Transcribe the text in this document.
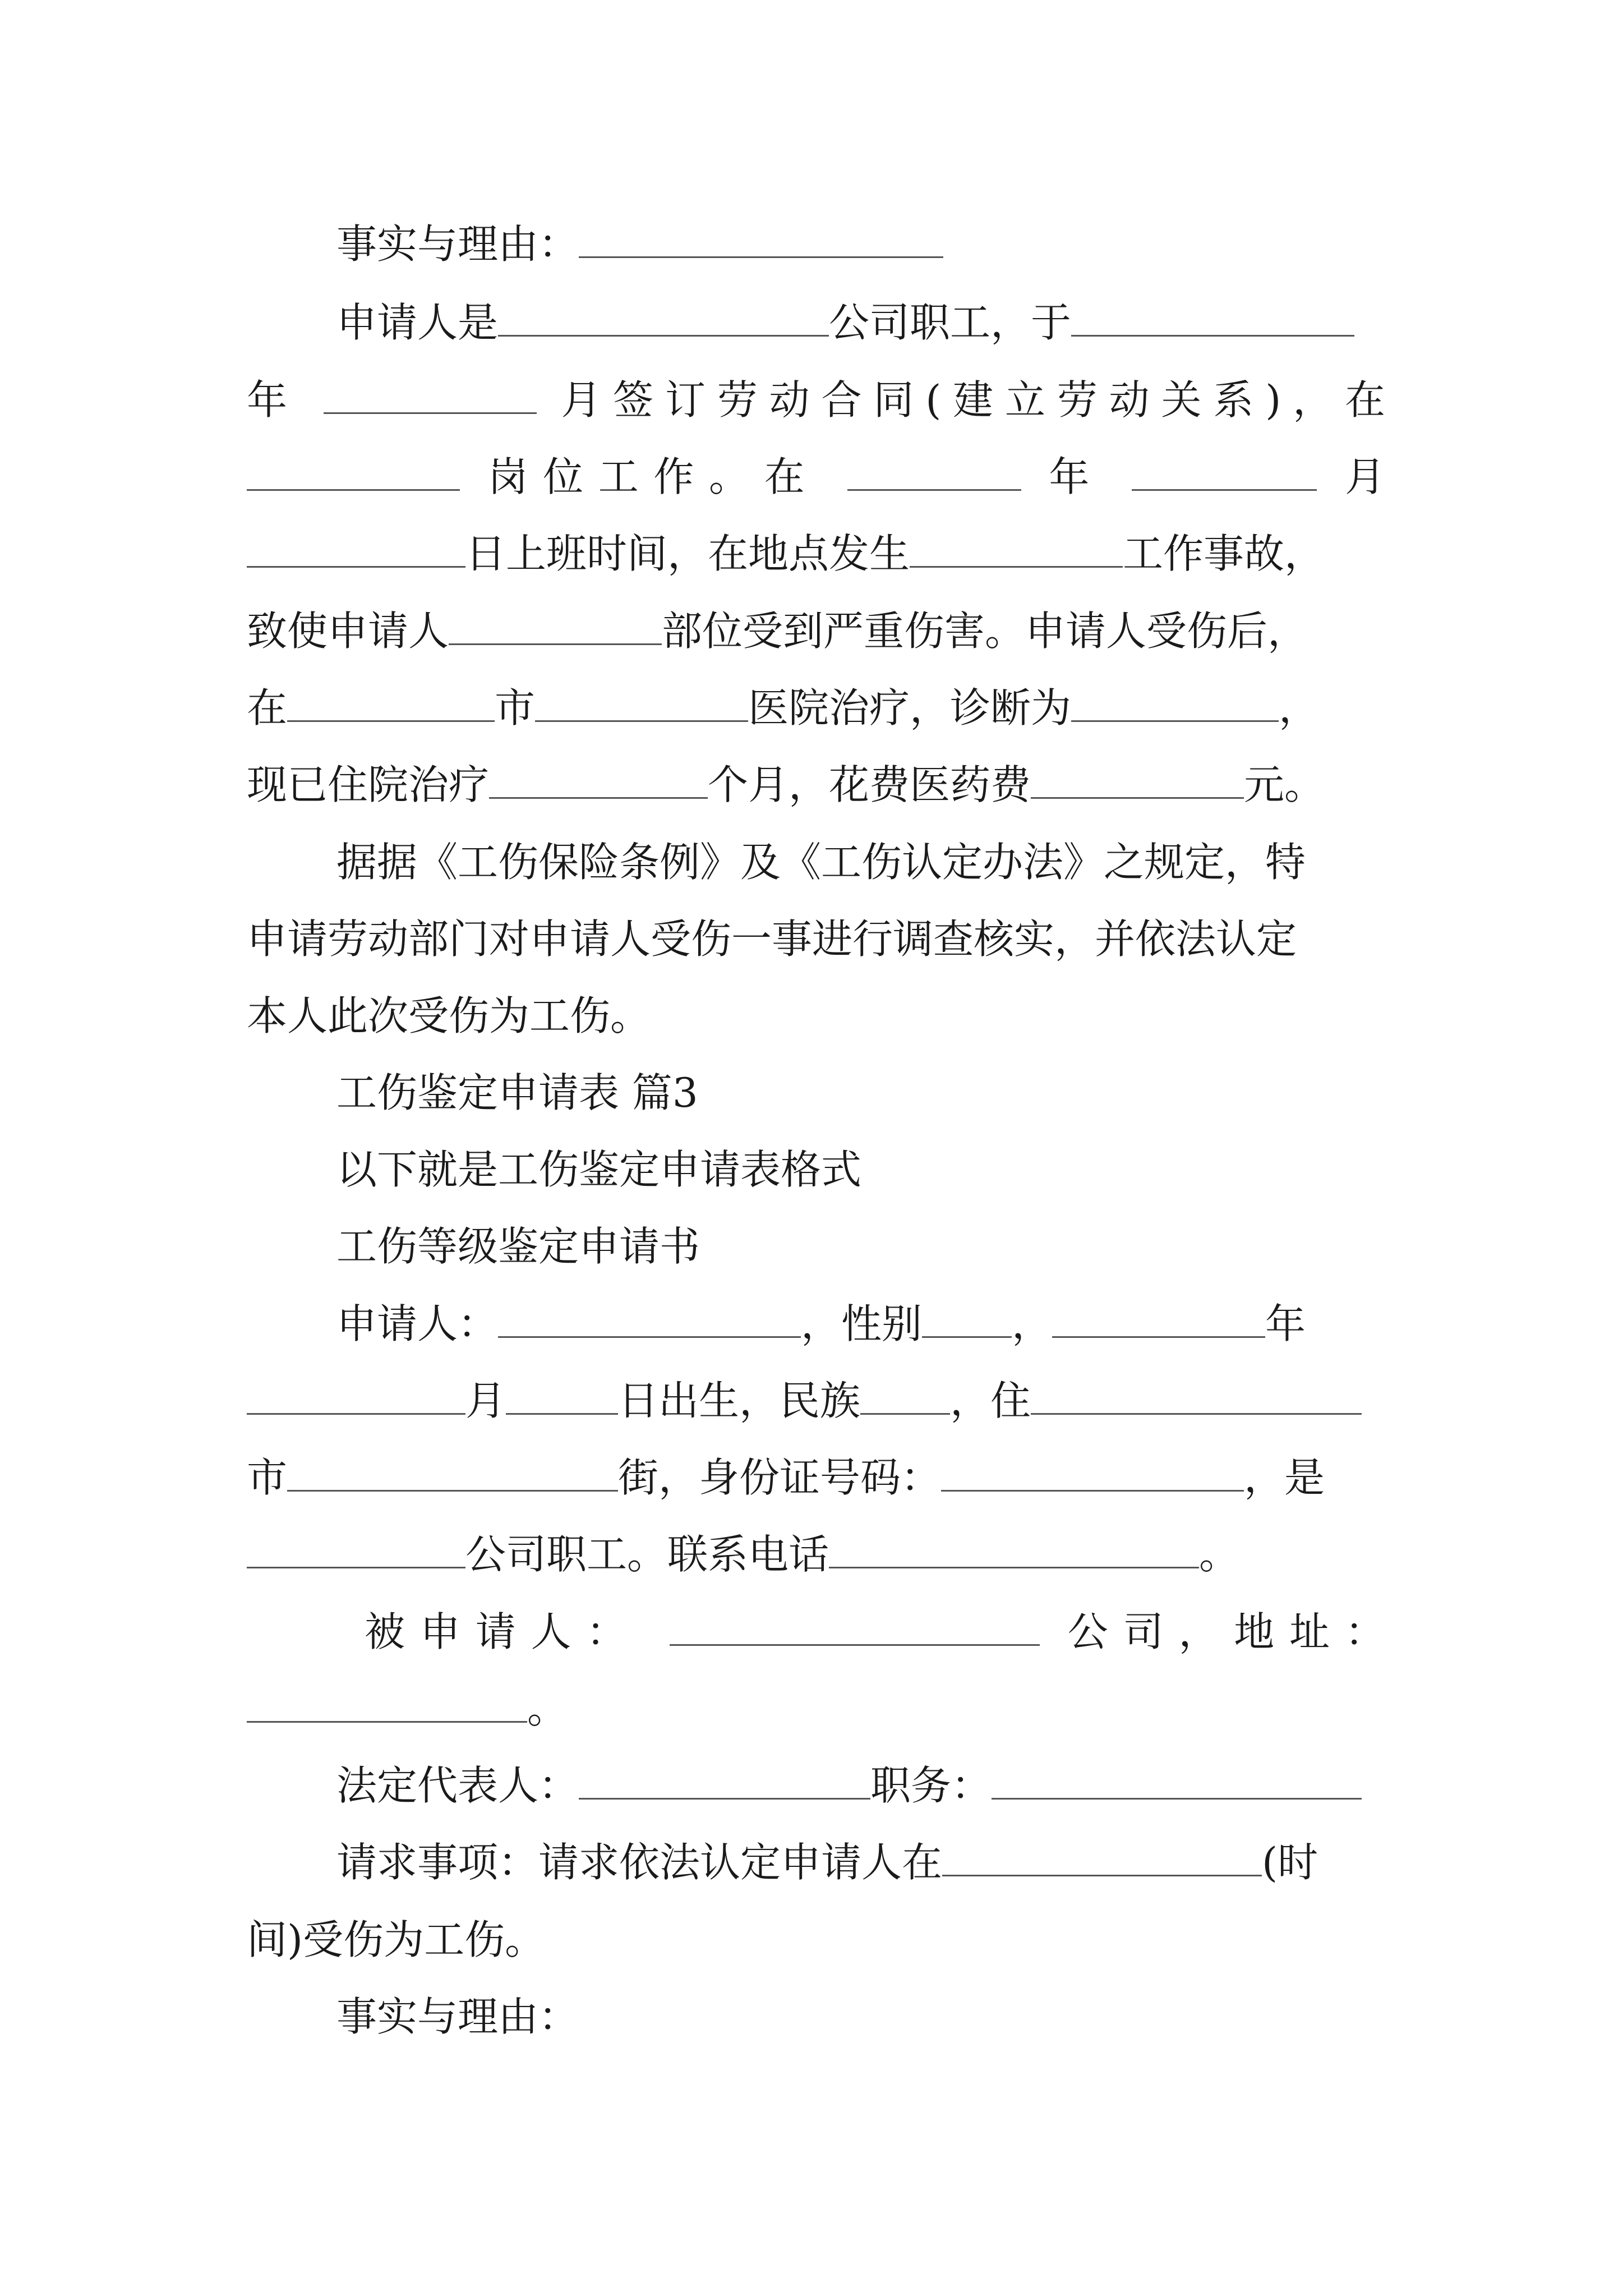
事实与理由：
申请人是	公司职工，于
年	月签订劳动合同(建立劳动关系)，在
岗位工作。在	年	月
日上班时间，在地点发生	工作事故，
致使申请人	部位受到严重伤害。申请人受伤后，
在	市	医院治疗，诊断为	，
现已住院治疗	个月，花费医药费	元。
据据《工伤保险条例》及《工伤认定办法》之规定，特
申请劳动部门对申请人受伤一事进行调查核实，并依法认定
本人此次受伤为工伤。
工伤鉴定申请表 篇3
以下就是工伤鉴定申请表格式
工伤等级鉴定申请书
申请人：	，性别 ，	年
月	日出生，民族 ，住
市	街，身份证号码：	，是
公司职工。联系电话	。
被申请人：	公司，地址：
。
法定代表人：	职务：
请求事项：请求依法认定申请人在	(时
间)受伤为工伤。
事实与理由：
